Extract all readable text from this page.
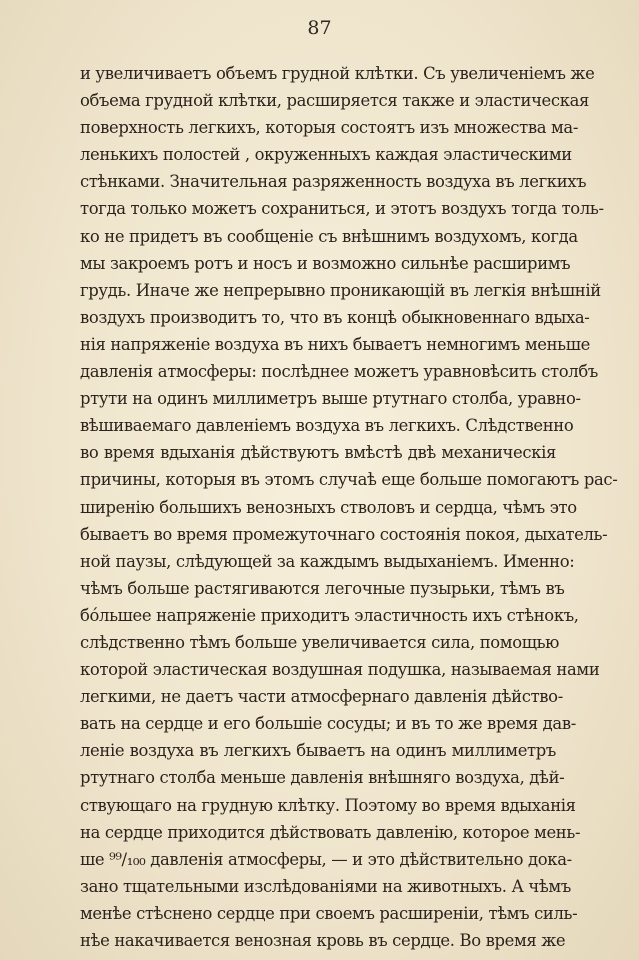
87
и увеличиваетъ объемъ грудной клѣтки. Съ увеличенiемъ же
объема грудной клѣтки, расширяется также и эластическая
поверхность легкихъ, которыя состоятъ изъ множества ма-
ленькихъ полостей , окруженныхъ каждая эластическими
стѣнками. Значительная разряженность воздуха въ легкихъ
тогда только можетъ сохраниться, и этотъ воздухъ тогда толь-
ко не придетъ въ сообщенiе съ внѣшнимъ воздухомъ, когда
мы закроемъ ротъ и носъ и возможно сильнѣе расширимъ
грудь. Иначе же непрерывно проникающiй въ легкiя внѣшнiй
воздухъ производитъ то, что въ концѣ обыкновеннаго вдыха-
нiя напряженiе воздуха въ нихъ бываетъ немногимъ меньше
давленiя атмосферы: послѣднее можетъ уравновѣсить столбъ
ртути на одинъ миллиметръ выше ртутнаго столба, уравно-
вѣшиваемаго давленiемъ воздуха въ легкихъ. Слѣдственно
во время вдыханiя дѣйствуютъ вмѣстѣ двѣ механическiя
причины, которыя въ этомъ случаѣ еще больше помогаютъ рас-
ширенiю большихъ венозныхъ стволовъ и сердца, чѣмъ это
бываетъ во время промежуточнаго состоянiя покоя, дыхатель-
ной паузы, слѣдующей за каждымъ выдыханiемъ. Именно:
чѣмъ больше растягиваются легочные пузырьки, тѣмъ въ
бóльшее напряженiе приходитъ эластичность ихъ стѣнокъ,
слѣдственно тѣмъ больше увеличивается сила, помощью
которой эластическая воздушная подушка, называемая нами
легкими, не даетъ части атмосфернаго давленiя дѣйство-
вать на сердце и его большiе сосуды; и въ то же время дав-
ленiе воздуха въ легкихъ бываетъ на одинъ миллиметръ
ртутнаго столба меньше давленiя внѣшняго воздуха, дѣй-
ствующаго на грудную клѣтку. Поэтому во время вдыханiя
на сердце приходится дѣйствовать давленiю, которое мень-
ше ⁹⁹/₁₀₀ давленiя атмосферы, — и это дѣйствительно дока-
зано тщательными изслѣдованiями на животныхъ. А чѣмъ
менѣе стѣснено сердце при своемъ расширенiи, тѣмъ силь-
нѣе накачивается венозная кровь въ сердце. Во время же
